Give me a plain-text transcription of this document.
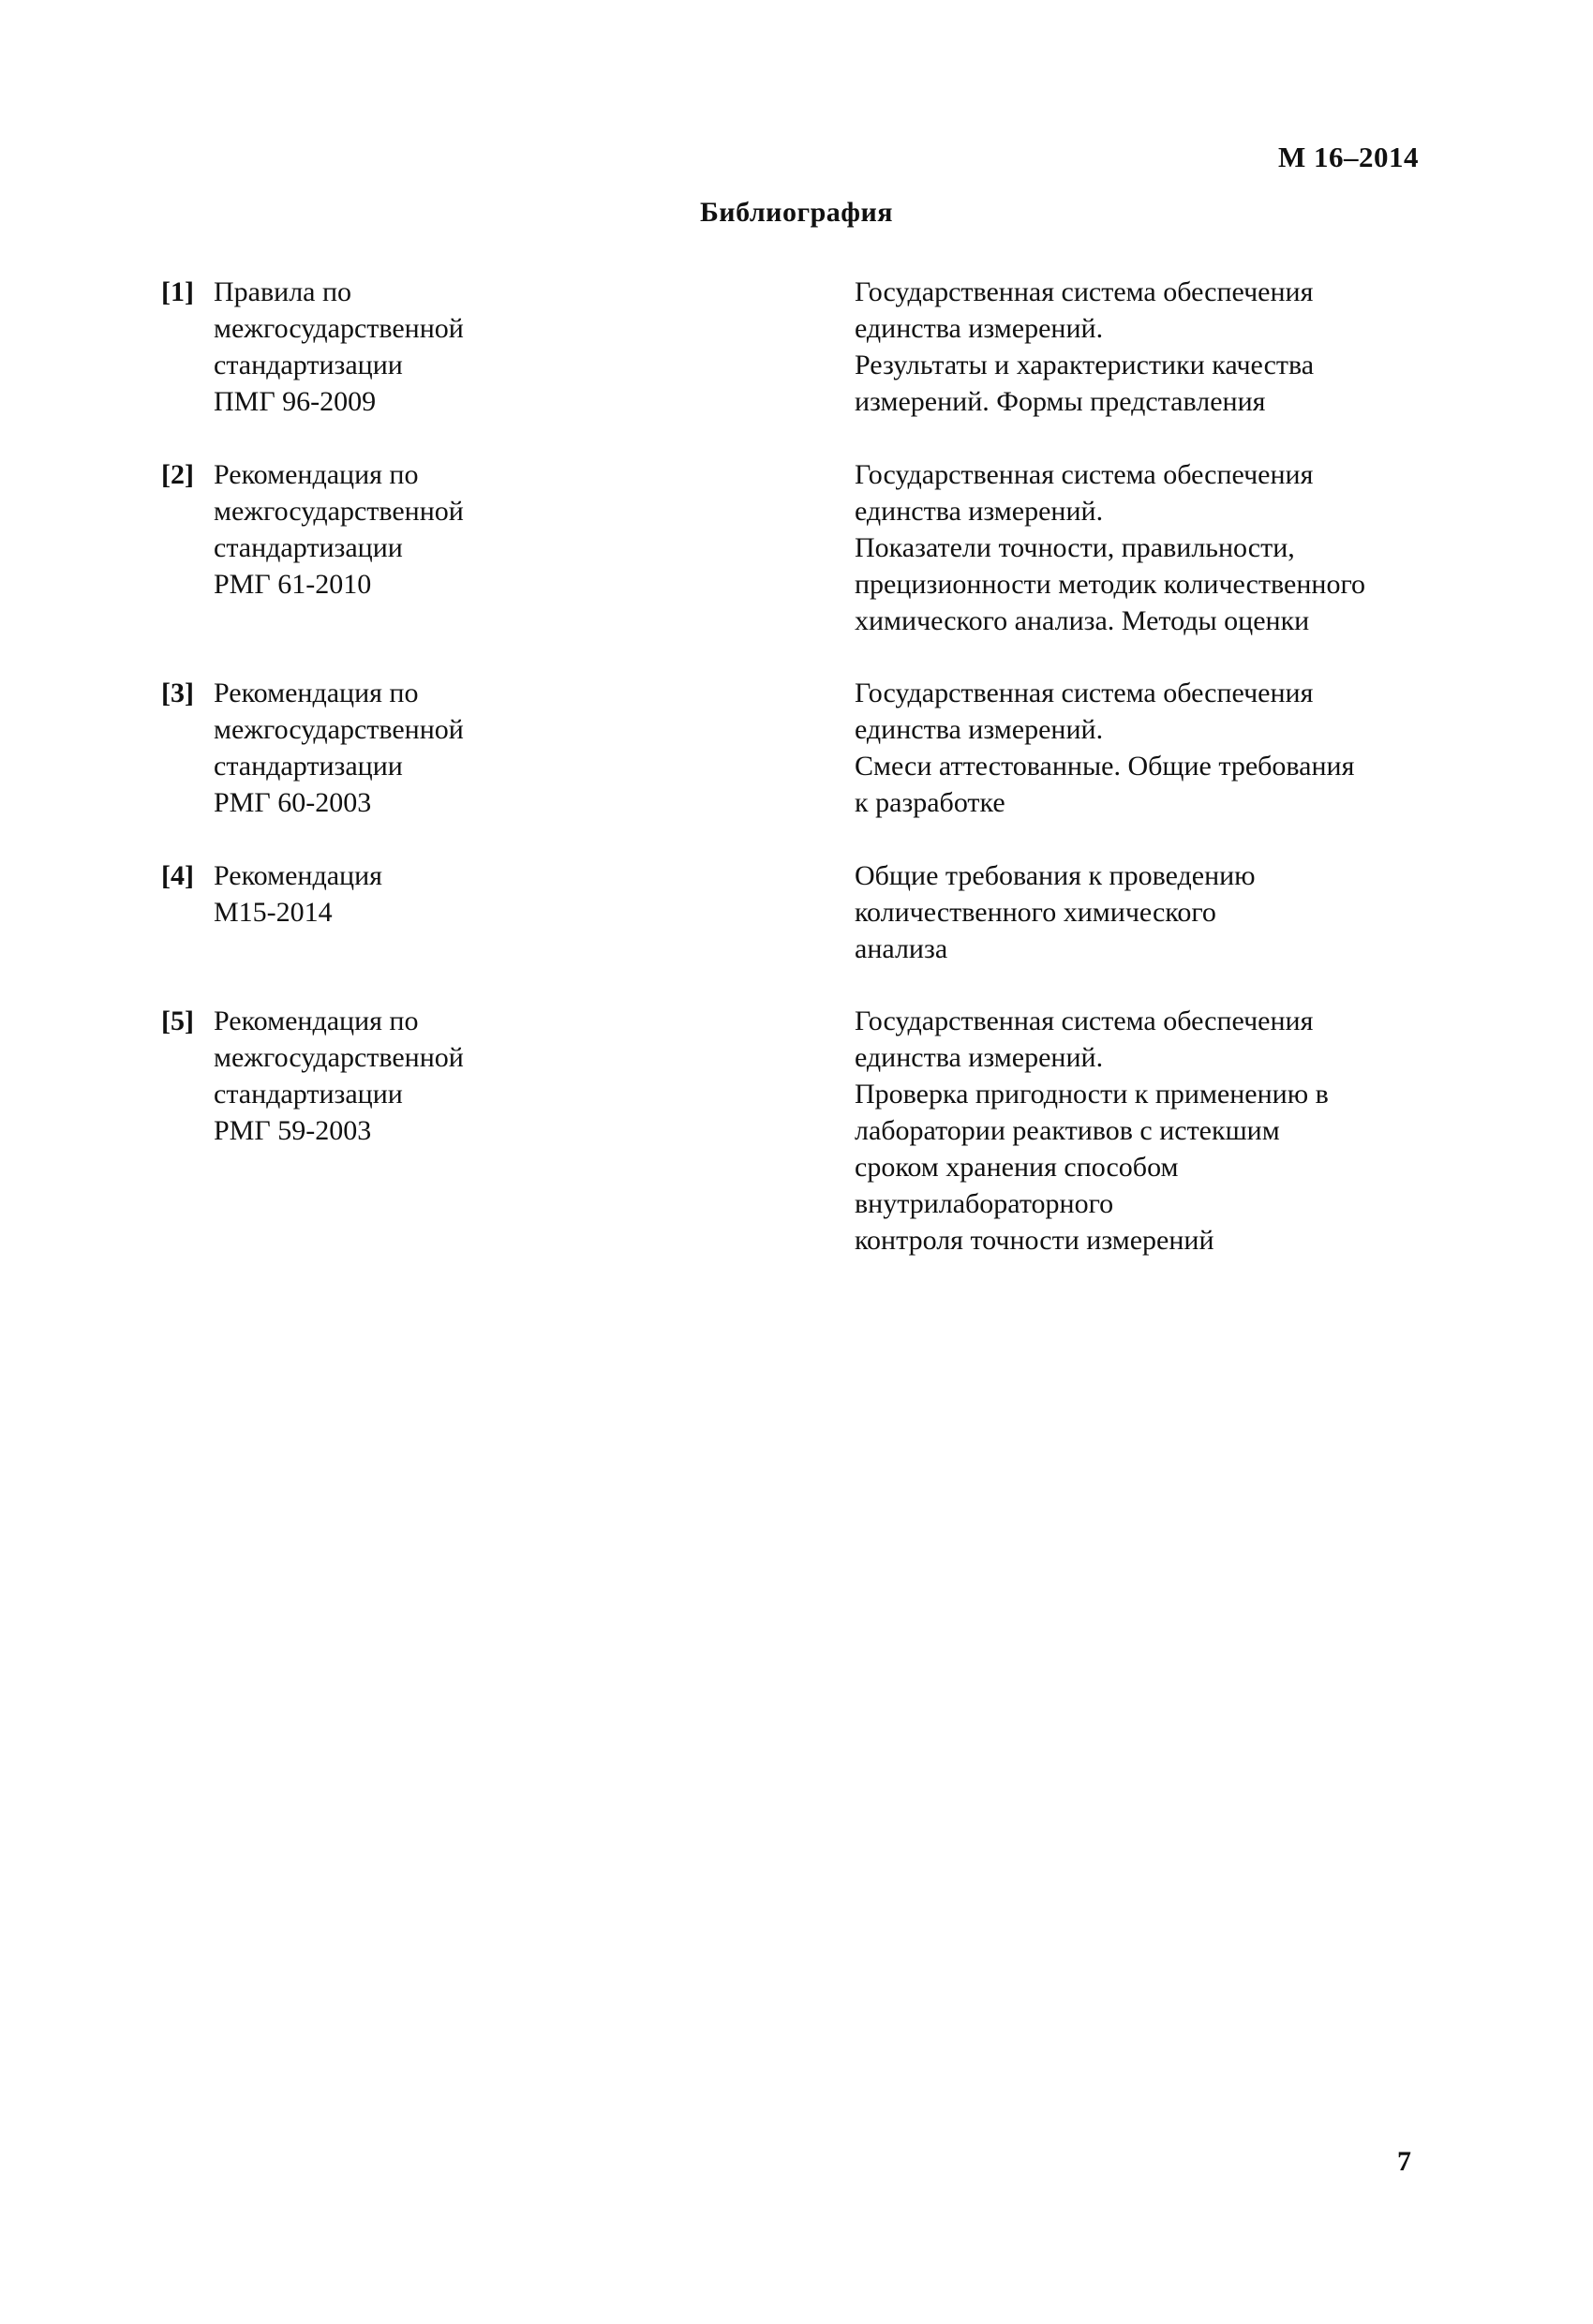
М 16–2014
Библиография
[1] Правила по
межгосударственной
стандартизации
ПМГ 96-2009
Государственная система обеспечения
единства измерений.
Результаты и характеристики качества
измерений. Формы представления
[2] Рекомендация по
межгосударственной
стандартизации
РМГ 61-2010
Государственная система обеспечения
единства измерений.
Показатели точности, правильности,
прецизионности методик количественного
химического анализа. Методы оценки
[3] Рекомендация по
межгосударственной
стандартизации
РМГ 60-2003
Государственная система обеспечения
единства измерений.
Смеси аттестованные. Общие требования
к разработке
[4] Рекомендация
М15-2014
Общие требования к проведению
количественного химического
анализа
[5] Рекомендация по
межгосударственной
стандартизации
РМГ 59-2003
Государственная система обеспечения
единства измерений.
Проверка пригодности к применению в
лаборатории реактивов с истекшим
сроком хранения способом
внутрилабораторного
контроля точности измерений
7
